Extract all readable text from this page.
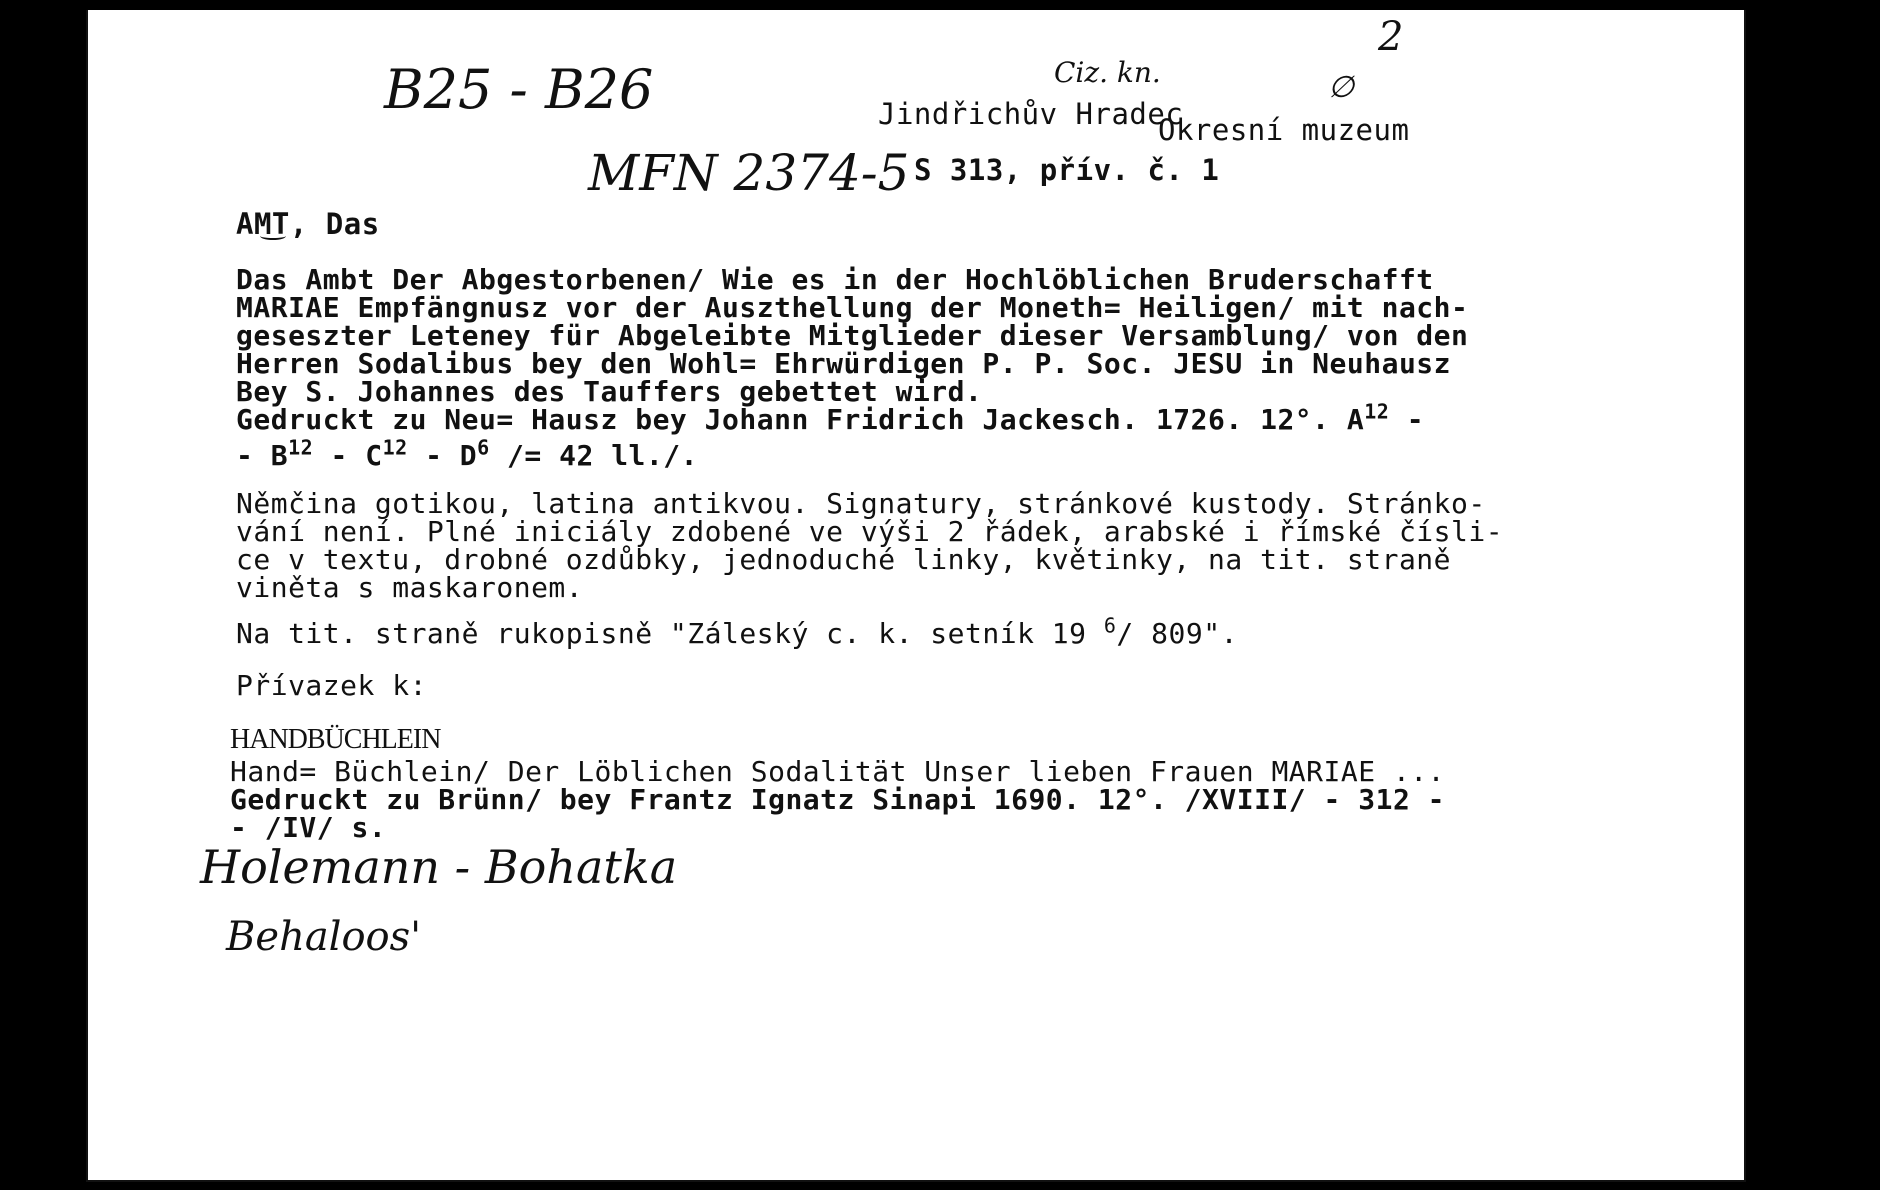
B25 - B26
MFN 2374-5
Ciz. kn.
2
∅
Jindřichův Hradec
Okresní muzeum
S 313, přív. č. 1
AMT, Das
Das Ambt Der Abgestorbenen/ Wie es in der Hochlöblichen Bruderschafft
MARIAE Empfängnusz vor der Auszthellung der Moneth= Heiligen/ mit nach-
geseszter Leteney für Abgeleibte Mitglieder dieser Versamblung/ von den
Herren Sodalibus bey den Wohl= Ehrwürdigen P. P. Soc. JESU in Neuhausz
Bey S. Johannes des Tauffers gebettet wird.
Gedruckt zu Neu= Hausz bey Johann Fridrich Jackesch. 1726. 12°. $A^{12}$ -
- $B^{12} - C^{12} - D^6 /= 42$ ll./.
Němčina gotikou, latina antikvou. Signatury, stránkové kustody. Stránko-
vání není. Plné iniciály zdobené ve výši 2 řádek, arabské i římské čísli-
ce v textu, drobné ozdůbky, jednoduché linky, květinky, na tit. straně
viněta s maskaronem.
Na tit. straně rukopisně "Záleský c. k. setník 19 $^6$/ 809".
Přívazek k:
HANDBÜCHLEIN
Hand= Büchlein/ Der Löblichen Sodalität Unser lieben Frauen MARIAE ...
Gedruckt zu Brünn/ bey Frantz Ignatz Sinapi 1690. 12°. /XVIII/ - 312 -
- /IV/ s.
Holemann - Bohatka
Behaloos'
